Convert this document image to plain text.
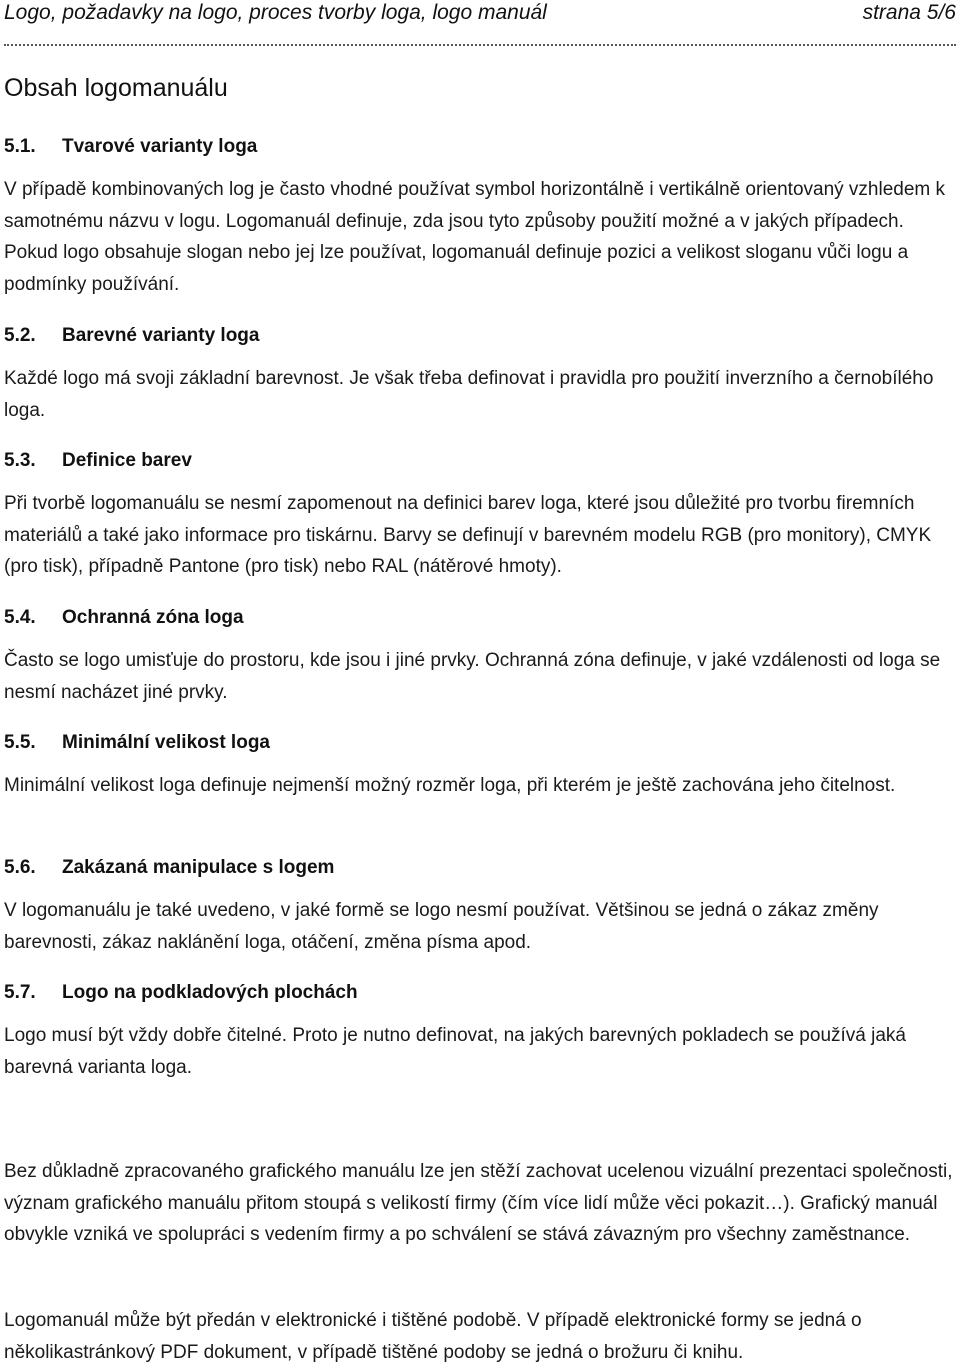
Logo, požadavky na logo, proces tvorby loga, logo manuál	strana 5/6
Obsah logomanuálu
5.1. Tvarové varianty loga

V případě kombinovaných log je často vhodné používat symbol horizontálně i vertikálně orientovaný vzhledem k samotnému názvu v logu. Logomanuál definuje, zda jsou tyto způsoby použití možné a v jakých případech. Pokud logo obsahuje slogan nebo jej lze používat, logomanuál definuje pozici a velikost sloganu vůči logu a podmínky používání.

5.2. Barevné varianty loga

Každé logo má svoji základní barevnost. Je však třeba definovat i pravidla pro použití inverzního a černobílého loga.

5.3. Definice barev

Při tvorbě logomanuálu se nesmí zapomenout na definici barev loga, které jsou důležité pro tvorbu firemních materiálů a také jako informace pro tiskárnu. Barvy se definují v barevném modelu RGB (pro monitory), CMYK (pro tisk), případně Pantone (pro tisk) nebo RAL (nátěrové hmoty).

5.4. Ochranná zóna loga

Často se logo umisťuje do prostoru, kde jsou i jiné prvky. Ochranná zóna definuje, v jaké vzdálenosti od loga se nesmí nacházet jiné prvky.

5.5. Minimální velikost loga

Minimální velikost loga definuje nejmenší možný rozměr loga, při kterém je ještě zachována jeho čitelnost.

5.6. Zakázaná manipulace s logem

V logomanuálu je také uvedeno, v jaké formě se logo nesmí používat. Většinou se jedná o zákaz změny barevnosti, zákaz naklánění loga, otáčení, změna písma apod.

5.7. Logo na podkladových plochách

Logo musí být vždy dobře čitelné. Proto je nutno definovat, na jakých barevných pokladech se používá jaká barevná varianta loga.

Bez důkladně zpracovaného grafického manuálu lze jen stěží zachovat ucelenou vizuální prezentaci společnosti, význam grafického manuálu přitom stoupá s velikostí firmy (čím více lidí může věci pokazit…). Grafický manuál obvykle vzniká ve spolupráci s vedením firmy a po schválení se stává závazným pro všechny zaměstnance.

Logomanuál může být předán v elektronické i tištěné podobě. V případě elektronické formy se jedná o několikastránkový PDF dokument, v případě tištěné podoby se jedná o brožuru či knihu.
